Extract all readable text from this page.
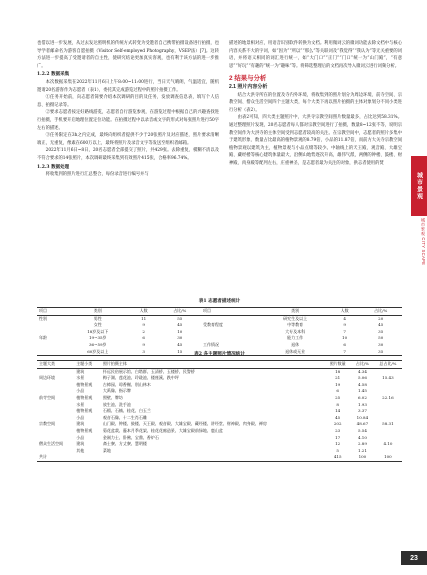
也借以进一步发展，从过去发达照明机的传统方式转变为受邀者自己携带拍摄设备进行拍摄，也导学者邮命名为游客自愿拍摄（Visitor Self-employed Photography，VSEP法）[7]。这转方法进一步提高了受邀请者的自主性，使研究结论更加真实客观，也有利于该方法的进一步推广。

1.2.2 数据采集

本次数据采集在2022年11月6日上午8:00~11:00进行，当日天气晴朗，气温适宜，随机邀请20名游客作为志愿者（表1），委托其完成游览过程中的照片拍摄工作。

①任务开始前，向志愿者简要介绍本次调研的目的及任务，发放调查信息表，填写个人信息、拍摄记录等。

②要求志愿者按定好路线游览，志愿者自行游览参观，在游览过程中根据自己的兴趣查找进行拍摄，手机要开启地理位置定位功能。在拍摄过程中以录音或文字的形式对每张照片进行50字左右的描述。

③任务限定在3h之内完成，最终向组织者提供不少于20张照片及对应描述，照片要求清晰端正，无重复，像素在600万以上，最终将照片及录音文字等发送至组织者邮箱。

2022年11月6日~8日，20名志愿者全部提交了照片，共429张。去除重复、模糊不清以及不符合要求的14张照片，本次调研最终采集到有效照片415张，合格率96.74%。

1.2.3 数据处理

将收集到的照片进行汇总整合，每份录音进行编号并与

描述的地景相对应，用语音识别软件转换为文档。利用微词云的微词功能去除文档中与核心内容关系不大的字词，如“因为”“所以”“那么”等关联词及“我觉得”“我认为”等无关重要的词语，并将语义相同的词汇进行统一，如“大门口”“正门”“门口”统一为“山门殿”，“有意思”“好玩”“有趣的”统一为“趣味”等。将筛选整理后的文档再次导入微词云进行词频分析。

2 结果与分析

2.1 照片内容分析

结合大洪寺所在的位置及寺内外环境，将收集到的照片划分为周边环境、前寺空间、宗教空间、僧众生活空间四个主题大类，每个大类下再以照片拍摄的主体对象划分不同小类进行分析（表2）。

由表2可知，四大类主题照片中，大洪寺宗教空间照片数量最多，占比达到58.31%。通过整理照片发现，20名志愿者每人都对宗教空间进行了拍摄，数量8~12张不等，说明宗教空间作为大洪寺的主体空间受到志愿者较高的关注。在宗教空间中，志愿者的照片多集中于建筑形象、数量占比最高的植物景观的8.79倍，小品的11.87倍，而前方大关寺宗教空间植物景观以建筑为主，植物景观与小品点缀等较少。中轴线上的天王殿、观音殿、大雄宝殿、藏经楼等核心建筑体量最大，沿侧山地势逐次升高，雄伟气派，两侧的钟楼、鼓楼、财神殿、肉身殿等配列左右，庄重神圣，是志愿者最为关注的对象，供志者使用的焚

城市景观
城市景观 CITY SCAPE
表1 志愿者描述统计
项目	类别	人数	占比/%	项目	类别	人数	占比/%
性别	男性	11	55		研究生及以上	4	20
	女性	9	45	受教育程度	中等教育	9	45
	18岁及以下	2	10		大专及本科	7	35
年龄	19~35岁	6	30		能力工作	10	50
	36~59岁	9	45	工作情况	退休	6	30
	60岁及以上	3	15		退休或无业	7	35
表2 各主题照片情况统计
主题大类	主题小类	照片拍摄主体	照片数量	占比/%	总占比/%
	建筑	怀远民俗展示馆、白塔群、玉清桥、玉楼桥、民警桥	18	4.34	
周边环境	水景	梅子湖、莲花池、玲珑池、楼座溪、跌中坪	21	5.06	15.43
	植物景观	古樟园、琼香榭、别山林木	19	4.58	
	小品	大禹像、指示牌	6	1.45	
前寺空间	植物景观	照壁、牌坊	25	6.02	22.16
	水景	放生池、洗手池	8	1.93	
	植物景观	石榴、石楠、桂花、白玉兰	14	3.37	
	小品	观音石像、十二生肖石雕	45	10.84	
宗教空间	建筑	山门殿、钟楼、鼓楼、天王殿、观音殿、大雄宝殿、藏经楼、讲经堂、财神殿、肉身殿、禅房	202	48.67	58.31
	植物景观	菊花盆栽、藤本月季花架、桂花花廊造景、大雄宝殿前绿地、鹿山盆	23	5.54	
	小品	金刚力士、卧佛、宝鼎、香炉石	17	4.10	
僧众生活空间	建筑	斋士寮、方丈寮、慧明楼	12	2.89	4.10
	其他	菜地	5	1.21	
共计			415	100	100
23
